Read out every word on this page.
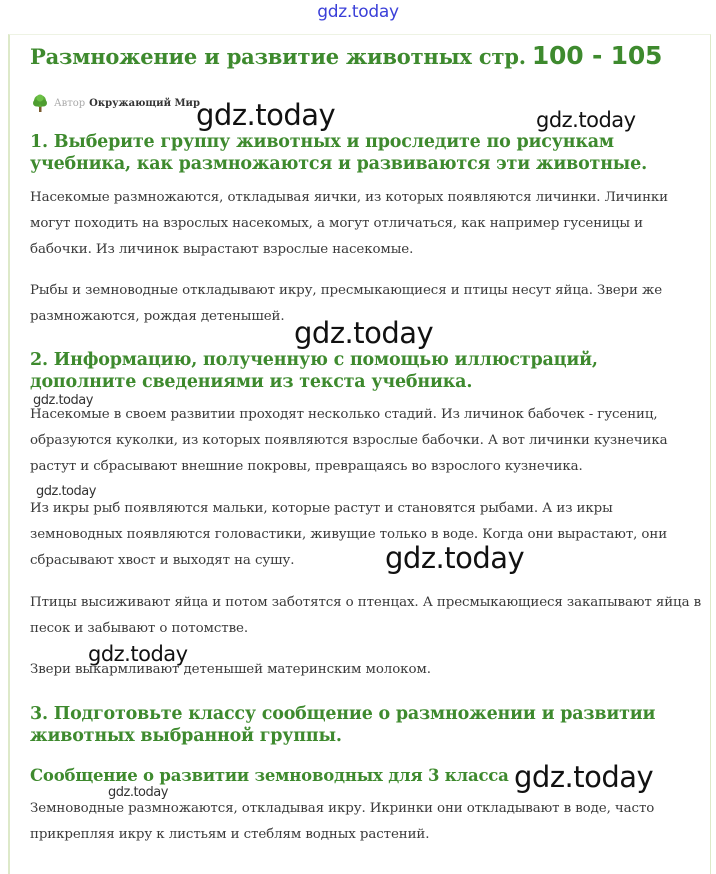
gdz.today
Размножение и развитие животных стр. 100 - 105
Автор Окружающий Мир
1. Выберите группу животных и проследите по рисункам учебника, как размножаются и развиваются эти животные.

Насекомые размножаются, откладывая яички, из которых появляются личинки. Личинки могут походить на взрослых насекомых, а могут отличаться, как например гусеницы и бабочки. Из личинок вырастают взрослые насекомые.

Рыбы и земноводные откладывают икру, пресмыкающиеся и птицы несут яйца. Звери же размножаются, рождая детенышей.

2. Информацию, полученную с помощью иллюстраций, дополните сведениями из текста учебника.

Насекомые в своем развитии проходят несколько стадий. Из личинок бабочек - гусениц, образуются куколки, из которых появляются взрослые бабочки. А вот личинки кузнечика растут и сбрасывают внешние покровы, превращаясь во взрослого кузнечика.

Из икры рыб появляются мальки, которые растут и становятся рыбами. А из икры земноводных появляются головастики, живущие только в воде. Когда они вырастают, они сбрасывают хвост и выходят на сушу.

Птицы высиживают яйца и потом заботятся о птенцах. А пресмыкающиеся закапывают яйца в песок и забывают о потомстве.

Звери выкармливают детенышей материнским молоком.

3. Подготовьте классу сообщение о размножении и развитии животных выбранной группы.
Сообщение о развитии земноводных для 3 класса

Земноводные размножаются, откладывая икру. Икринки они откладывают в воде, часто прикрепляя икру к листьям и стеблям водных растений.

gdz.today	gdz.today
gdz.today
gdz.today
gdz.today
gdz.today
gdz.today
gdz.today
gdz.today
